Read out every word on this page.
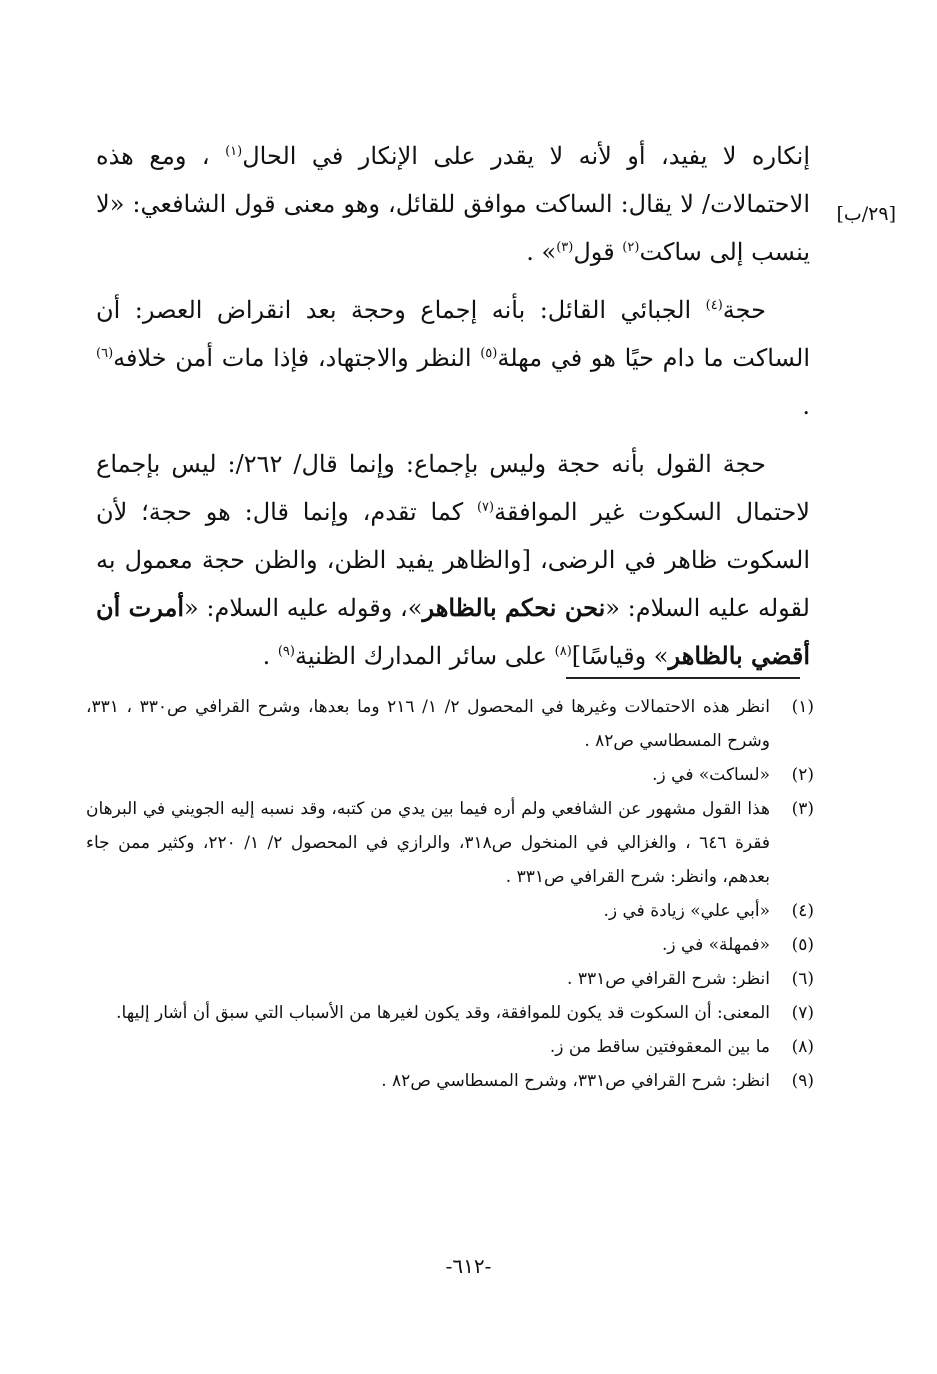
[٢٩/ب]

إنكاره لا يفيد، أو لأنه لا يقدر على الإنكار في الحال$^{(١)}$ ، ومع هذه الاحتمالات/ لا يقال: الساكت موافق للقائل، وهو معنى قول الشافعي: «لا ينسب إلى ساكت$^{(٢)}$ قول$^{(٣)}$» .

حجة$^{(٤)}$ الجبائي القائل: بأنه إجماع وحجة بعد انقراض العصر: أن الساكت ما دام حيًا هو في مهلة$^{(٥)}$ النظر والاجتهاد، فإذا مات أمن خلافه$^{(٦)}$ .

حجة القول بأنه حجة وليس بإجماع: وإنما قال/ ٢٦٢/: ليس بإجماع لاحتمال السكوت غير الموافقة$^{(٧)}$ كما تقدم، وإنما قال: هو حجة؛ لأن السكوت ظاهر في الرضى، [والظاهر يفيد الظن، والظن حجة معمول به لقوله عليه السلام: «نحن نحكم بالظاهر»، وقوله عليه السلام: «أمرت أن أقضي بالظاهر» وقياسًا]$^{(٨)}$ على سائر المدارك الظنية$^{(٩)}$ .

(١)
انظر هذه الاحتمالات وغيرها في المحصول ٢/ ١/ ٢١٦ وما بعدها، وشرح القرافي ص٣٣٠ ، ٣٣١، وشرح المسطاسي ص٨٢ .
(٢)
«لساكت» في ز.
(٣)
هذا القول مشهور عن الشافعي ولم أره فيما بين يدي من كتبه، وقد نسبه إليه الجويني في البرهان فقرة ٦٤٦ ، والغزالي في المنخول ص٣١٨، والرازي في المحصول ٢/ ١/ ٢٢٠، وكثير ممن جاء بعدهم، وانظر: شرح القرافي ص٣٣١ .
(٤)
«أبي علي» زيادة في ز.
(٥)
«فمهلة» في ز.
(٦)
انظر: شرح القرافي ص٣٣١ .
(٧)
المعنى: أن السكوت قد يكون للموافقة، وقد يكون لغيرها من الأسباب التي سبق أن أشار إليها.
(٨)
ما بين المعقوفتين ساقط من ز.
(٩)
انظر: شرح القرافي ص٣٣١، وشرح المسطاسي ص٨٢ .
-٦١٢-
